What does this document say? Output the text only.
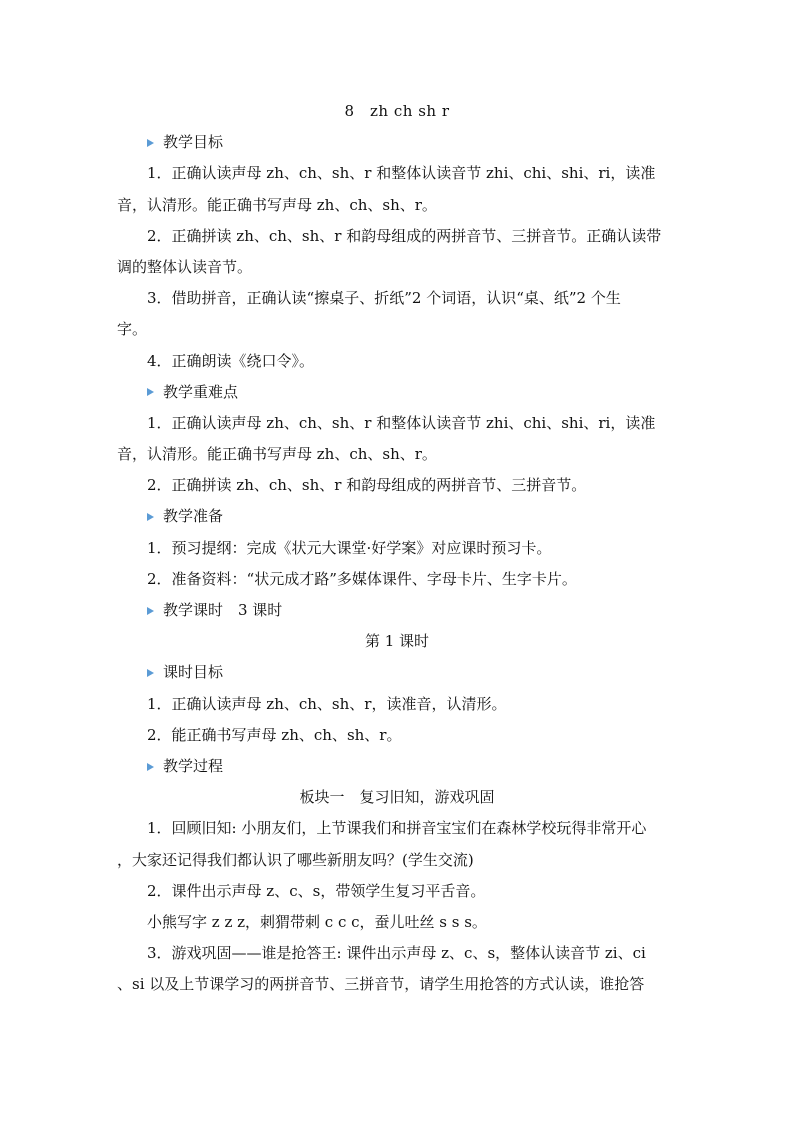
8　zh ch sh r
教学目标
1．正确认读声母 zh、ch、sh、r 和整体认读音节 zhi、chi、shi、ri，读准
音，认清形。能正确书写声母 zh、ch、sh、r。
2．正确拼读 zh、ch、sh、r 和韵母组成的两拼音节、三拼音节。正确认读带
调的整体认读音节。
3．借助拼音，正确认读“擦桌子、折纸”2 个词语，认识“桌、纸”2 个生
字。
4．正确朗读《绕口令》。
教学重难点
1．正确认读声母 zh、ch、sh、r 和整体认读音节 zhi、chi、shi、ri，读准
音，认清形。能正确书写声母 zh、ch、sh、r。
2．正确拼读 zh、ch、sh、r 和韵母组成的两拼音节、三拼音节。
教学准备
1．预习提纲：完成《状元大课堂·好学案》对应课时预习卡。
2．准备资料：“状元成才路”多媒体课件、字母卡片、生字卡片。
教学课时　3 课时
第 1 课时
课时目标
1．正确认读声母 zh、ch、sh、r，读准音，认清形。
2．能正确书写声母 zh、ch、sh、r。
教学过程
板块一　复习旧知，游戏巩固
1．回顾旧知: 小朋友们，上节课我们和拼音宝宝们在森林学校玩得非常开心
，大家还记得我们都认识了哪些新朋友吗？(学生交流)
2．课件出示声母 z、c、s，带领学生复习平舌音。
小熊写字 z z z，刺猬带刺 c c c，蚕儿吐丝 s s s。
3．游戏巩固——谁是抢答王: 课件出示声母 z、c、s，整体认读音节 zi、ci
、si 以及上节课学习的两拼音节、三拼音节，请学生用抢答的方式认读，谁抢答
